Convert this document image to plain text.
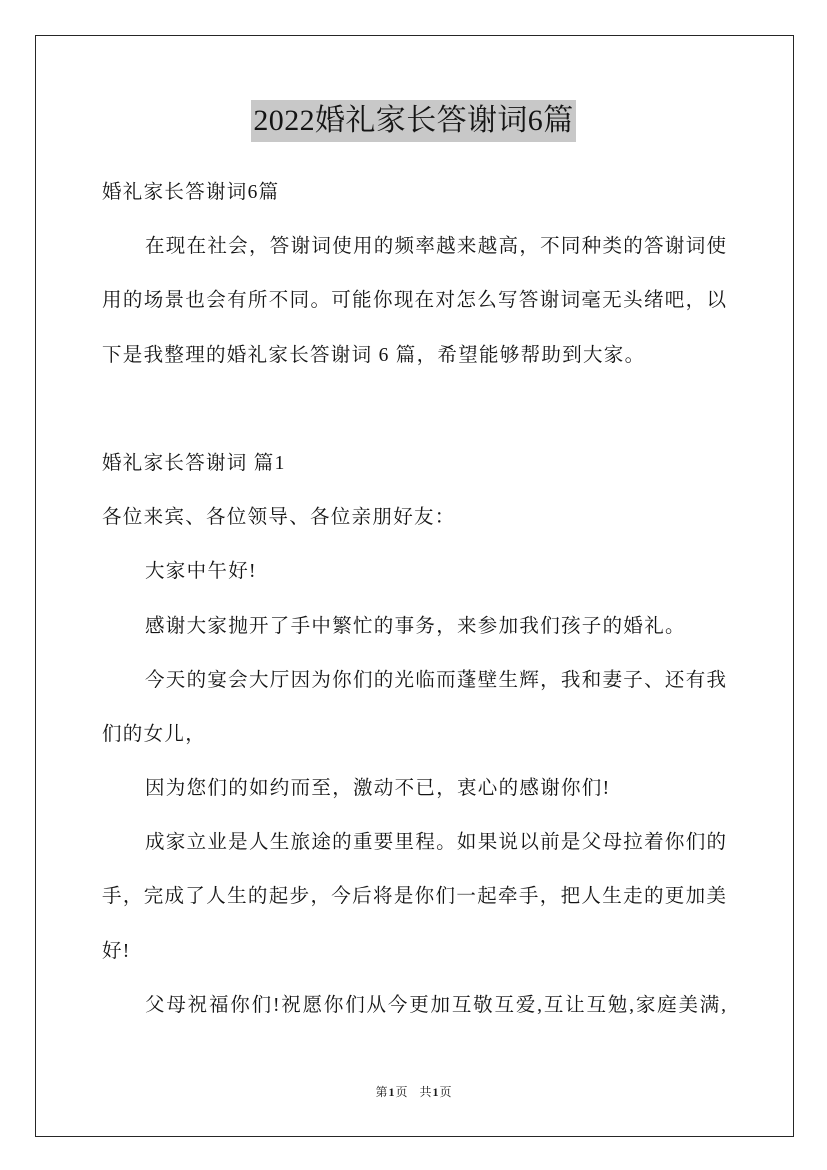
2022婚礼家长答谢词6篇
婚礼家长答谢词6篇
在现在社会，答谢词使用的频率越来越高，不同种类的答谢词使
用的场景也会有所不同。可能你现在对怎么写答谢词毫无头绪吧，以
下是我整理的婚礼家长答谢词 6 篇，希望能够帮助到大家。
婚礼家长答谢词 篇1
各位来宾、各位领导、各位亲朋好友：
大家中午好!
感谢大家抛开了手中繁忙的事务，来参加我们孩子的婚礼。
今天的宴会大厅因为你们的光临而蓬壁生辉，我和妻子、还有我
们的女儿，
因为您们的如约而至，激动不已，衷心的感谢你们!
成家立业是人生旅途的重要里程。如果说以前是父母拉着你们的
手，完成了人生的起步，今后将是你们一起牵手，把人生走的更加美
好!
父母祝福你们!祝愿你们从今更加互敬互爱,互让互勉,家庭美满,
第1页 共1页
